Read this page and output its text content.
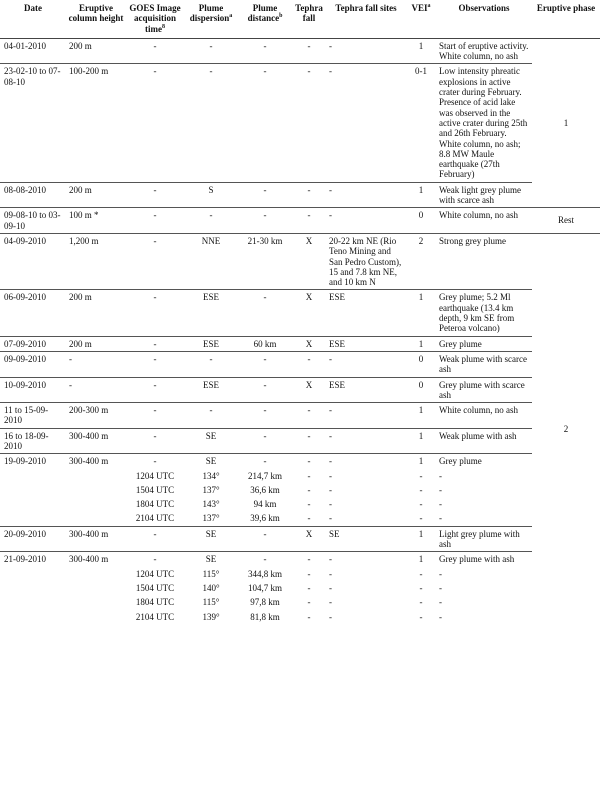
Date	Eruptive column height	GOES Image acquisition time$^8$	Plume dispersion$^a$	Plume distance$^b$	Tephra fall	Tephra fall sites	VEI$^a$	Observations	Eruptive phase
04-01-2010	200 m	-	-	-	-	-	1	Start of eruptive activity. White column, no ash	1
23-02-10 to 07-08-10	100-200 m	-	-	-	-	-	0-1	Low intensity phreatic explosions in active crater during February. Presence of acid lake was observed in the active crater during 25th and 26th February. White column, no ash; 8.8 MW Maule earthquake (27th February)	
08-08-2010	200 m	-	S	-	-	-	1	Weak light grey plume with scarce ash	
09-08-10 to 03-09-10	100 m *	-	-	-	-	-	0	White column, no ash	Rest
04-09-2010	1,200 m	-	NNE	21-30 km	X	20-22 km NE (Rio Teno Mining and San Pedro Custom), 15 and 7.8 km NE, and 10 km N	2	Strong grey plume	2
06-09-2010	200 m	-	ESE	-	X	ESE	1	Grey plume; 5.2 Ml earthquake (13.4 km depth, 9 km SE from Peteroa volcano)	
07-09-2010	200 m	-	ESE	60 km	X	ESE	1	Grey plume	
09-09-2010	-	-	-	-	-	-	0	Weak plume with scarce ash	
10-09-2010	-	-	ESE	-	X	ESE	0	Grey plume with scarce ash	
11 to 15-09-2010	200-300 m	-	-	-	-	-	1	White column, no ash	
16 to 18-09-2010	300-400 m	-	SE	-	-	-	1	Weak plume with ash	
19-09-2010	300-400 m	-	SE	-	-	-	1	Grey plume	
		1204 UTC	134°	214,7 km	-	-	-	-	
		1504 UTC	137°	36,6 km	-	-	-	-	
		1804 UTC	143°	94 km	-	-	-	-	
		2104 UTC	137°	39,6 km	-	-	-	-	
20-09-2010	300-400 m	-	SE	-	X	SE	1	Light grey plume with ash	
21-09-2010	300-400 m	-	SE	-	-	-	1	Grey plume with ash	
		1204 UTC	115°	344,8 km	-	-	-	-	
		1504 UTC	140°	104,7 km	-	-	-	-	
		1804 UTC	115°	97,8 km	-	-	-	-	
		2104 UTC	139°	81,8 km	-	-	-	-	
